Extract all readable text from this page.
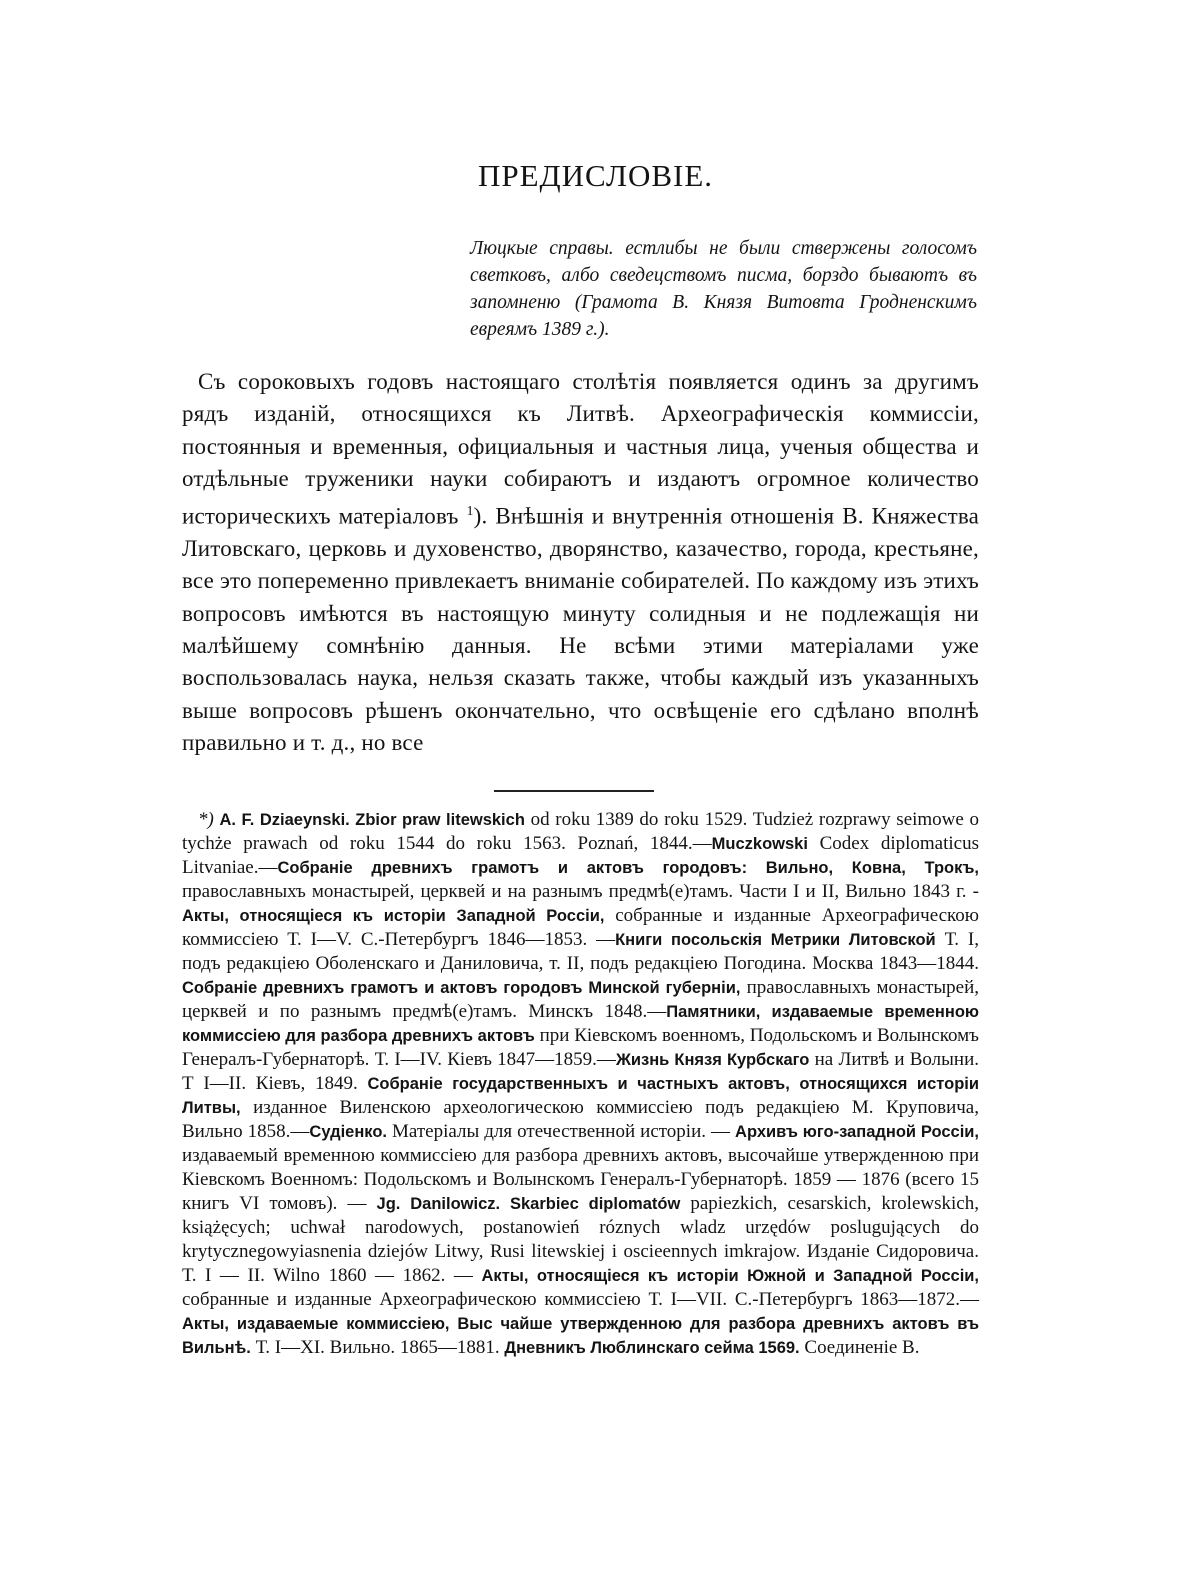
ПРЕДИСЛОВІЕ.
Люцкые справы. естлибы не были ствержены голосомъ светковъ, албо сведецствомъ писма, борздо бываютъ въ запомненю (Грамота В. Князя Витовта Гродненскимъ евреямъ 1389 г.).

Съ сороковыхъ годовъ настоящаго столѣтія появляется одинъ за другимъ рядъ изданій, относящихся къ Литвѣ. Археографическія коммиссіи, постоянныя и временныя, официальныя и частныя лица, ученыя общества и отдѣльные труженики науки собираютъ и издаютъ огромное количество историческихъ матеріаловъ $^1$). Внѣшнія и внутреннія отношенія В. Княжества Литовскаго, церковь и духовенство, дворянство, казачество, города, крестьяне, все это попеременно привлекаетъ вниманіе собирателей. По каждому изъ этихъ вопросовъ имѣются въ настоящую минуту солидныя и не подлежащія ни малѣйшему сомнѣнію данныя. Не всѣми этими матеріалами уже воспользовалась наука, нельзя сказать также, чтобы каждый изъ указанныхъ выше вопросовъ рѣшенъ окончательно, что освѣщеніе его сдѣлано вполнѣ правильно и т. д., но все

*) A. F. Dziaeynski. Zbior praw litewskich od roku 1389 do roku 1529. Tudzież rozprawy seimowe o tychże prawach od roku 1544 do roku 1563. Poznań, 1844.—Muczkowski Codex diplomaticus Litvaniae.—Собраніе древнихъ грамотъ и актовъ городовъ: Вильно, Ковна, Трокъ, православныхъ монастырей, церквей и на разнымъ предмѣ(е)тамъ. Части I и II, Вильно 1843 г. - Акты, относящіеся къ исторіи Западной Россіи, собранные и изданные Археографическою коммиссіею Т. I—V. С.-Петербургъ 1846—1853. —Книги посольскія Метрики Литовской Т. I, подъ редакціею Оболенскаго и Даниловича, т. II, подъ редакціею Погодина. Москва 1843—1844. Собраніе древнихъ грамотъ и актовъ городовъ Минской губерніи, православныхъ монастырей, церквей и по разнымъ предмѣ(е)тамъ. Минскъ 1848.—Памятники, издаваемые временною коммиссіею для разбора древнихъ актовъ при Кіевскомъ военномъ, Подольскомъ и Волынскомъ Генералъ-Губернаторѣ. Т. I—IV. Кіевъ 1847—1859.—Жизнь Князя Курбскаго на Литвѣ и Волыни. Т I—II. Кіевъ, 1849. Собраніе государственныхъ и частныхъ актовъ, относящихся исторіи Литвы, изданное Виленскою археологическою коммиссіею подъ редакціею М. Круповича, Вильно 1858.—Судіенко. Матеріалы для отечественной исторіи. — Архивъ юго-западной Россіи, издаваемый временною коммиссіею для разбора древнихъ актовъ, высочайше утвержденною при Кіевскомъ Военномъ: Подольскомъ и Волынскомъ Генералъ-Губернаторѣ. 1859 — 1876 (всего 15 книгъ VI томовъ). — Jg. Danilowicz. Skarbiec diplomatów papiezkich, cesarskich, krolewskich, książęcych; uchwał narodowych, postanowień róznych wladz urzędów poslugujących do krytycznegowyiasnenia dziejów Litwy, Rusi litewskiej i oscieennych imkrajow. Изданіе Сидоровича. Т. I — II. Wilno 1860 — 1862. — Акты, относящіеся къ исторіи Южной и Западной Россіи, собранные и изданные Археографическою коммиссіею Т. I—VII. С.-Петербургъ 1863—1872.—Акты, издаваемые коммиссіею, Выс чайше утвержденною для разбора древнихъ актовъ въ Вильнѣ. Т. I—XI. Вильно. 1865—1881. Дневникъ Люблинскаго сейма 1569. Соединеніе В.
